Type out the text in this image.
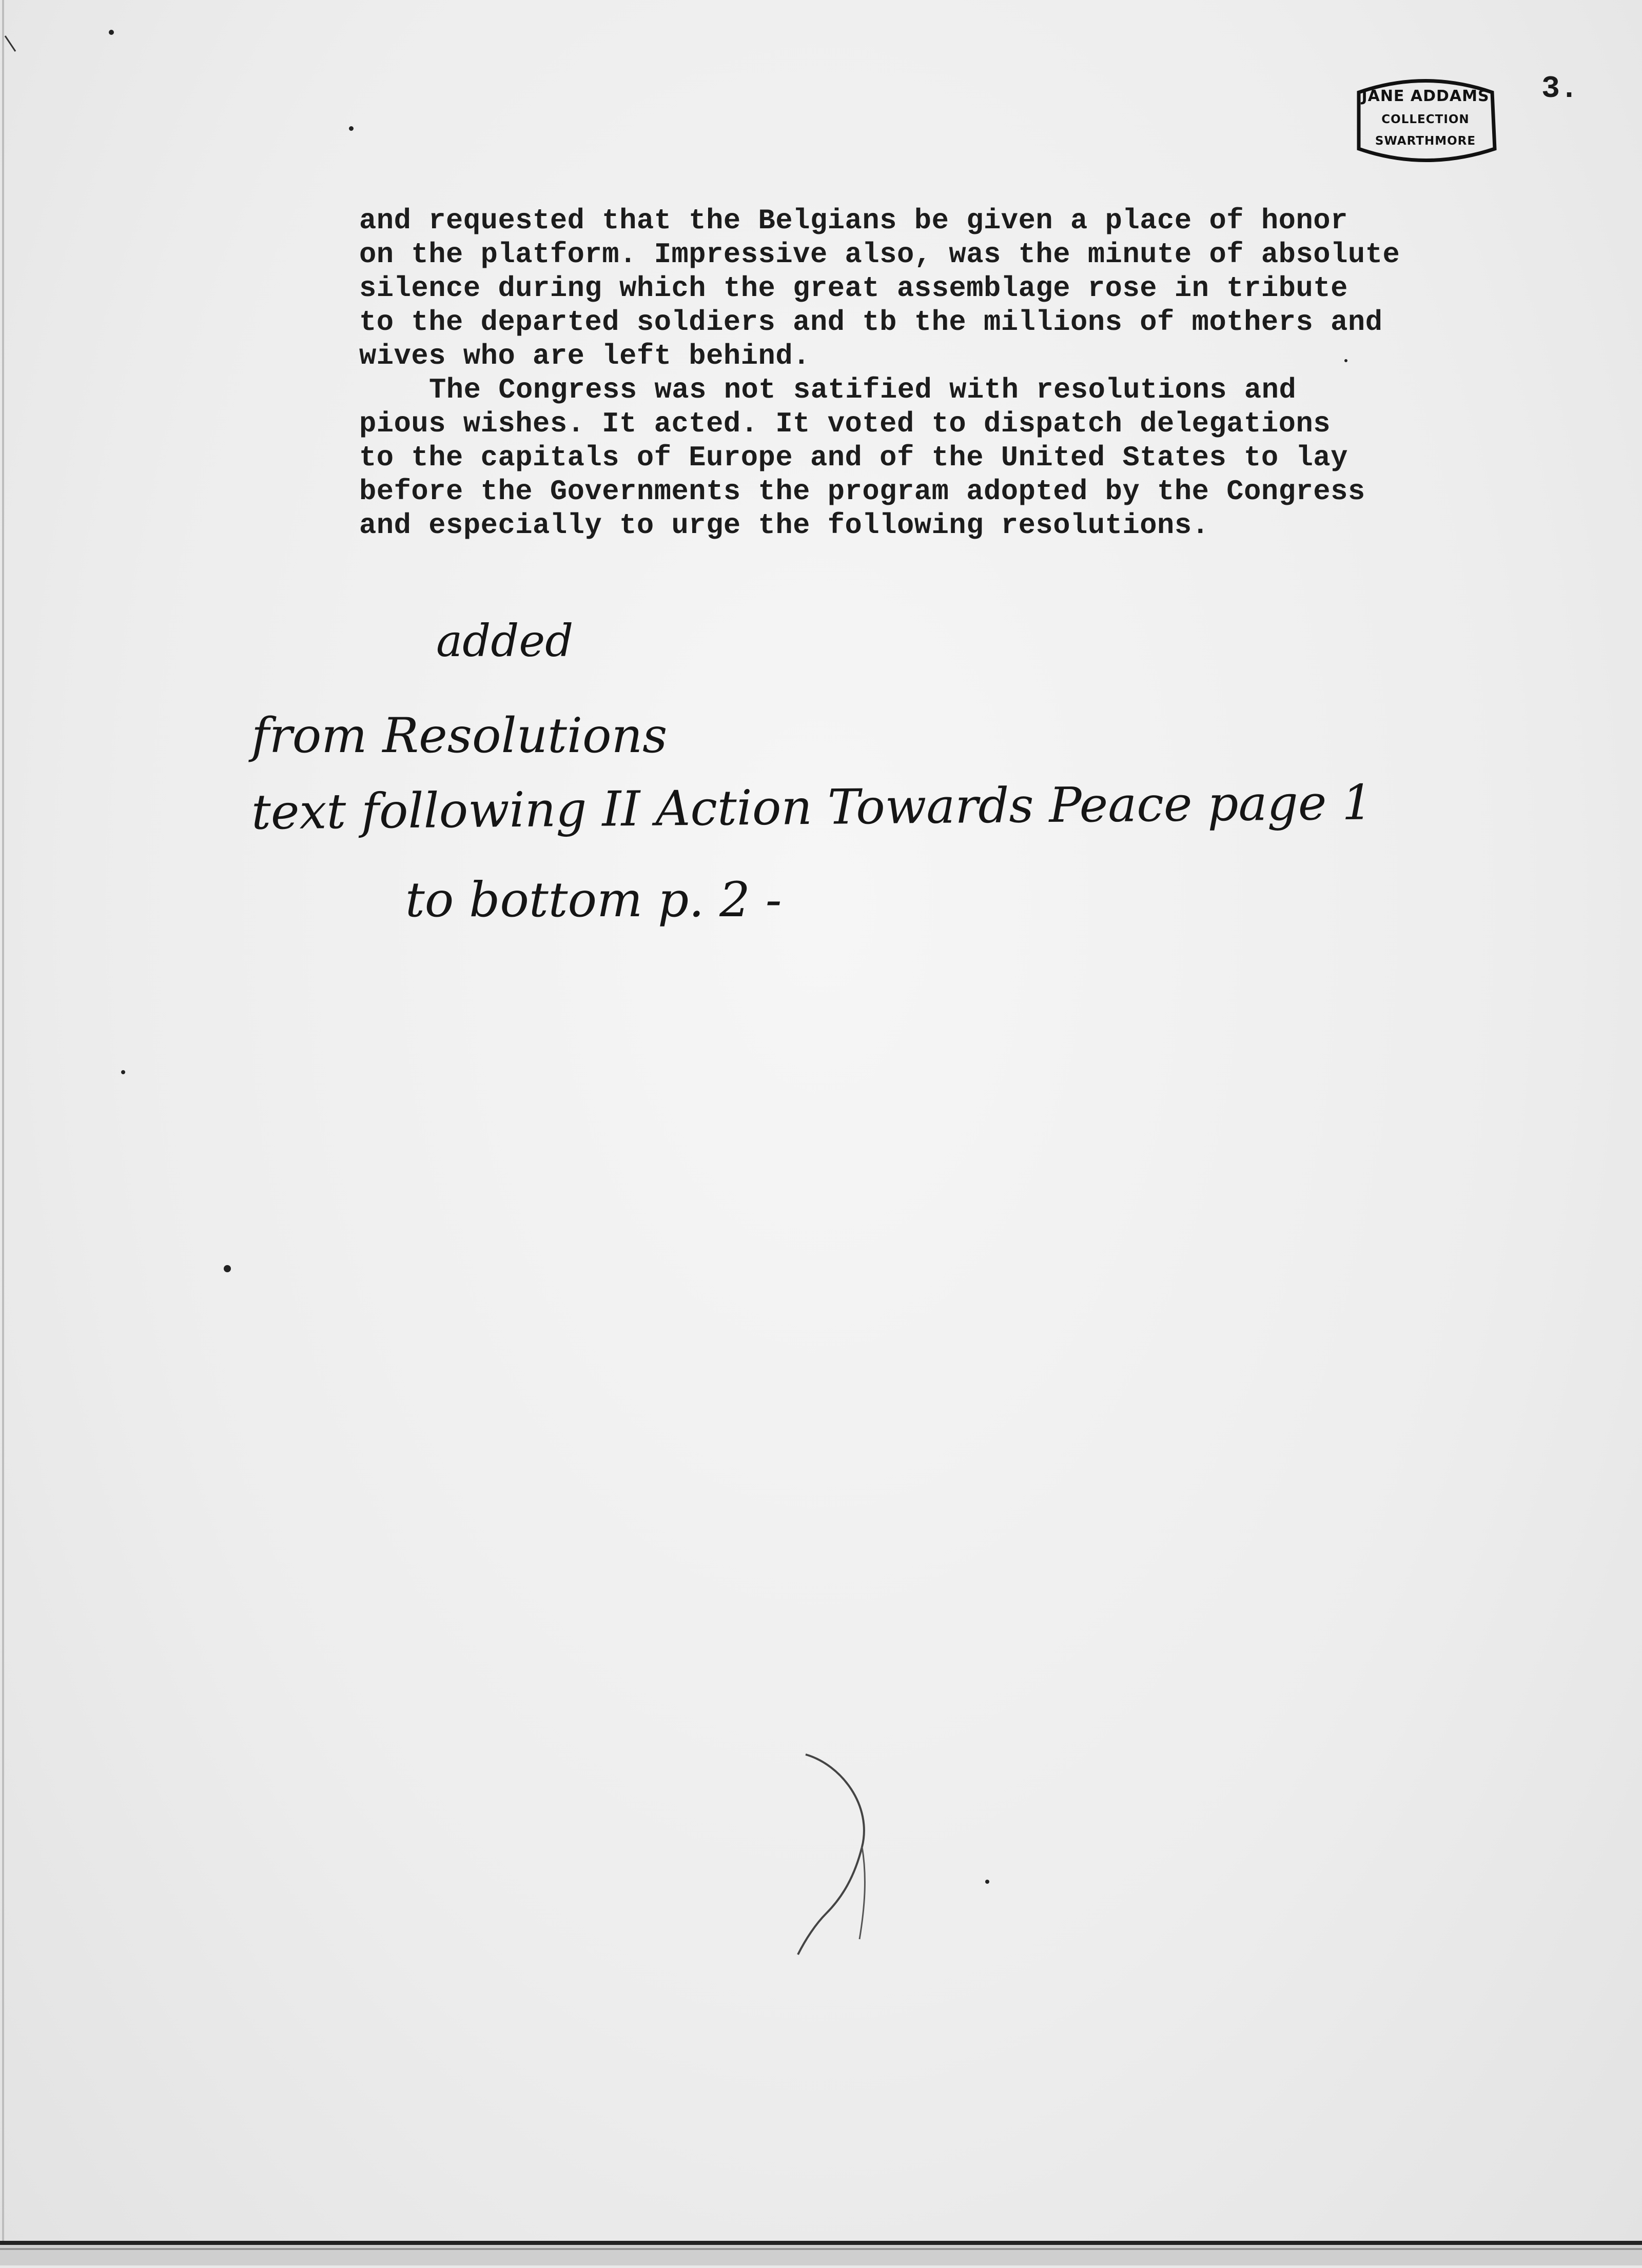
3.
JANE ADDAMS
COLLECTION
SWARTHMORE

and requested that the Belgians be given a place of honor

on the platform. Impressive also, was the minute of absolute

silence during which the great assemblage rose in tribute

to the departed soldiers and tb the millions of mothers and

wives who are left behind.

The Congress was not satified with resolutions and

pious wishes. It acted. It voted to dispatch delegations

to the capitals of Europe and of the United States to lay

before the Governments the program adopted by the Congress

and especially to urge the following resolutions.

added
from Resolutions
text following II Action Towards Peace page 1
to bottom p. 2 -
